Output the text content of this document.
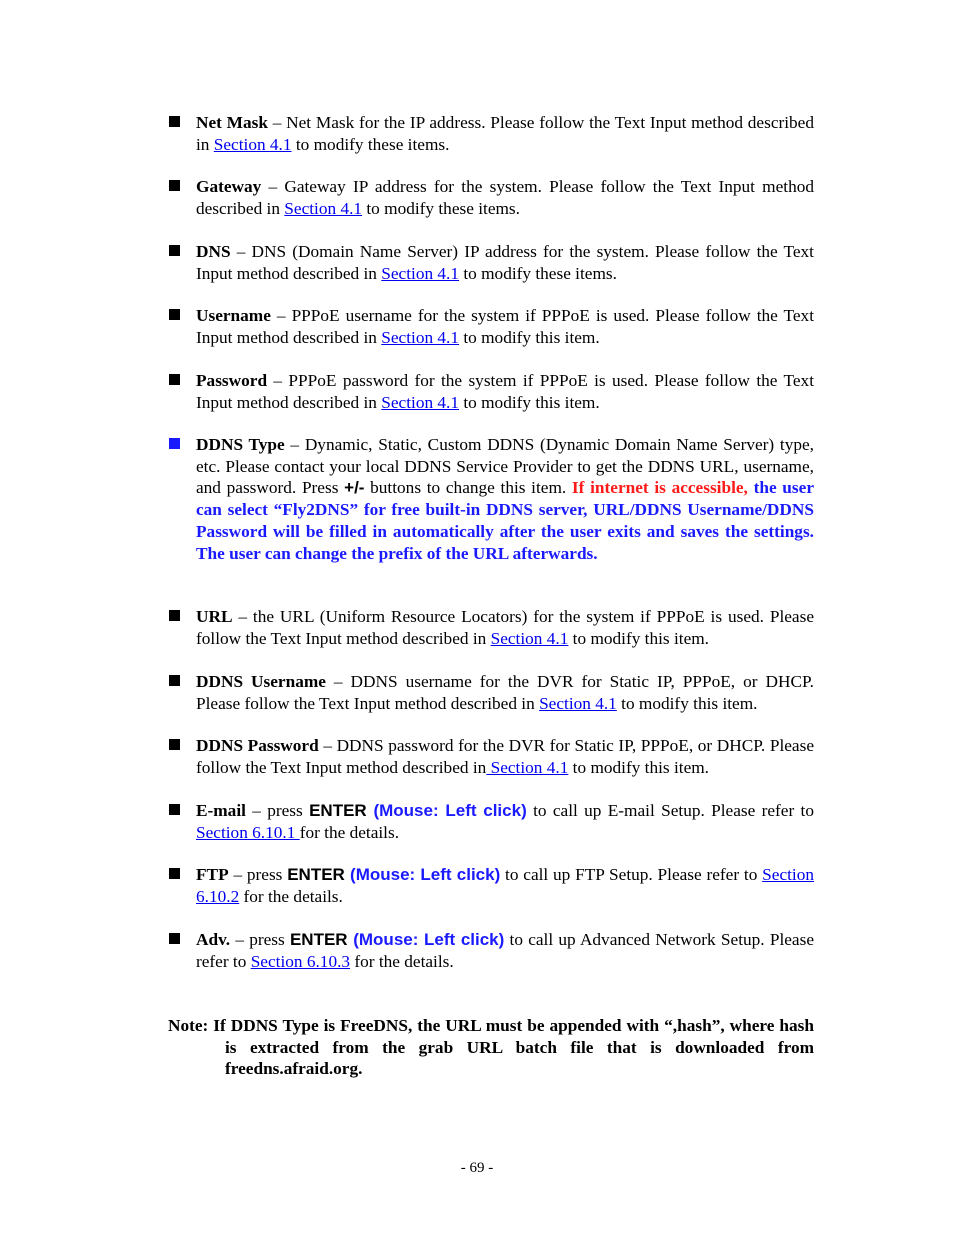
Net Mask – Net Mask for the IP address. Please follow the Text Input method described in Section 4.1 to modify these items.
Gateway – Gateway IP address for the system. Please follow the Text Input method described in Section 4.1 to modify these items.
DNS – DNS (Domain Name Server) IP address for the system. Please follow the Text Input method described in Section 4.1 to modify these items.
Username – PPPoE username for the system if PPPoE is used. Please follow the Text Input method described in Section 4.1 to modify this item.
Password – PPPoE password for the system if PPPoE is used. Please follow the Text Input method described in Section 4.1 to modify this item.
DDNS Type – Dynamic, Static, Custom DDNS (Dynamic Domain Name Server) type, etc. Please contact your local DDNS Service Provider to get the DDNS URL, username, and password. Press +/- buttons to change this item. If internet is accessible, the user can select “Fly2DNS” for free built-in DDNS server, URL/DDNS Username/DDNS Password will be filled in automatically after the user exits and saves the settings. The user can change the prefix of the URL afterwards.
URL – the URL (Uniform Resource Locators) for the system if PPPoE is used. Please follow the Text Input method described in Section 4.1 to modify this item.
DDNS Username – DDNS username for the DVR for Static IP, PPPoE, or DHCP. Please follow the Text Input method described in Section 4.1 to modify this item.
DDNS Password – DDNS password for the DVR for Static IP, PPPoE, or DHCP. Please follow the Text Input method described in Section 4.1 to modify this item.
E-mail – press ENTER (Mouse: Left click) to call up E-mail Setup. Please refer to Section 6.10.1 for the details.
FTP – press ENTER (Mouse: Left click) to call up FTP Setup. Please refer to Section 6.10.2 for the details.
Adv. – press ENTER (Mouse: Left click) to call up Advanced Network Setup. Please refer to Section 6.10.3 for the details.
Note: If DDNS Type is FreeDNS, the URL must be appended with “,hash”, where hash is extracted from the grab URL batch file that is downloaded from freedns.afraid.org.
- 69 -
